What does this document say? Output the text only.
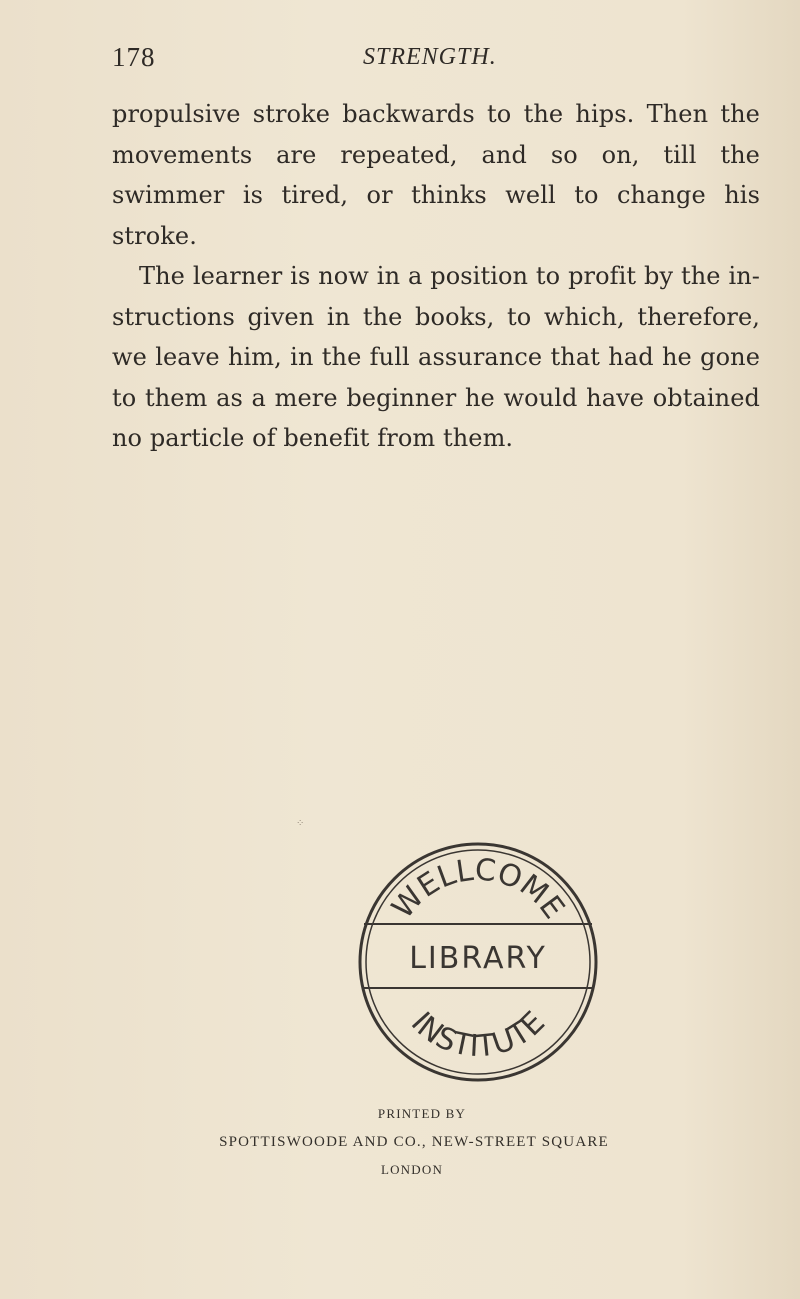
178	STRENGTH.

propulsive stroke backwards to the hips. Then the movements are repeated, and so on, till the swimmer is tired, or thinks well to change his stroke.

The learner is now in a position to profit by the in-structions given in the books, to which, therefore, we leave him, in the full assurance that had he gone to them as a mere beginner he would have obtained no particle of benefit from them.

⁘
WELLCOME
LIBRARY
INSTITUTE
PRINTED BY
SPOTTISWOODE AND CO., NEW-STREET SQUARE
LONDON
